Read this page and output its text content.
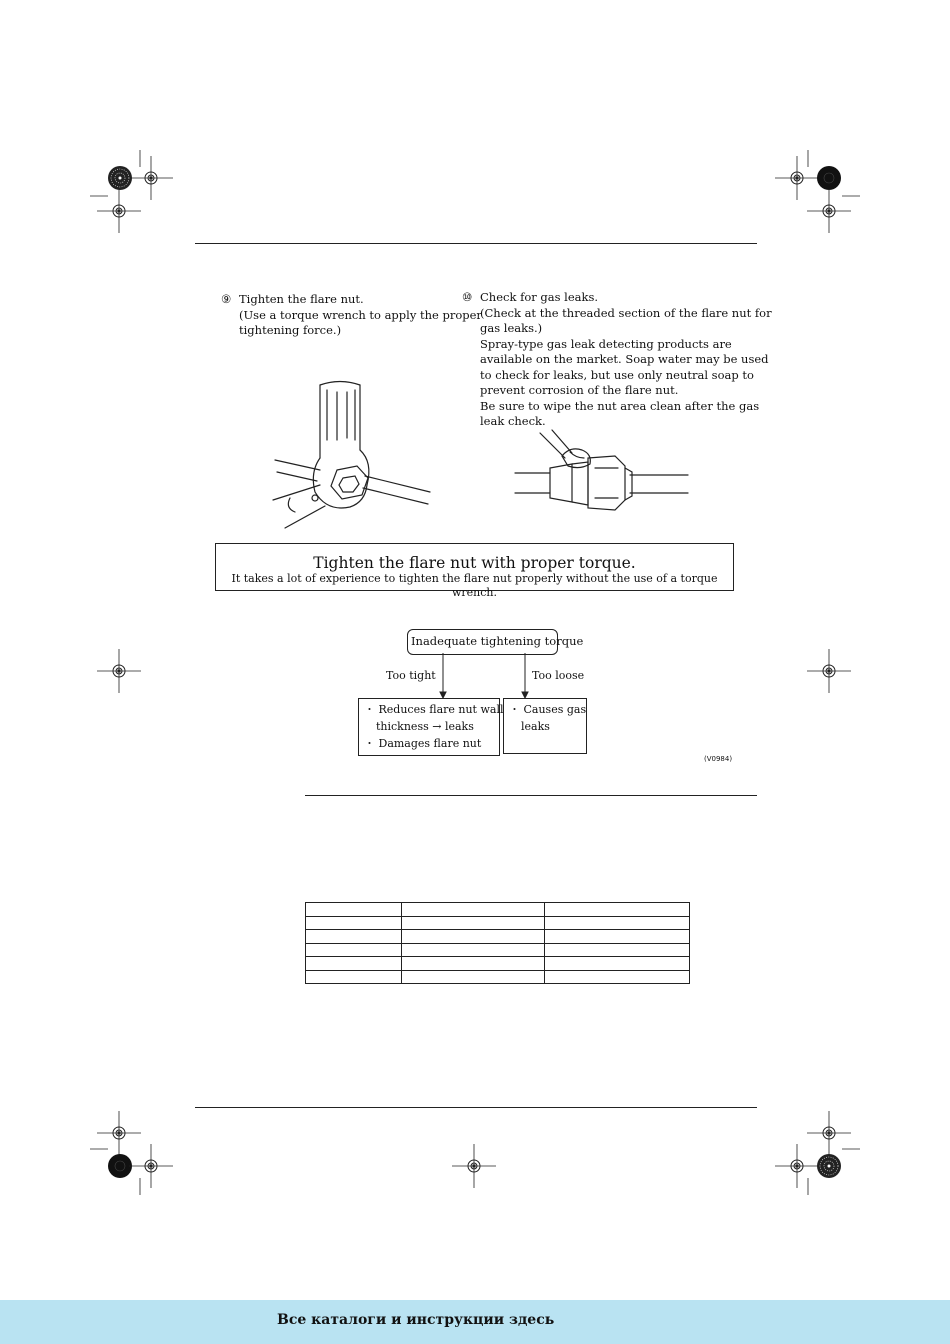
⑨ Tighten the flare nut.
(Use a torque wrench to apply the proper
tightening force.)
⑩ Check for gas leaks.
(Check at the threaded section of the flare nut for
gas leaks.)
Spray-type gas leak detecting products are
available on the market. Soap water may be used
to check for leaks, but use only neutral soap to
prevent corrosion of the flare nut.
Be sure to wipe the nut area clean after the gas
leak check.
Tighten the flare nut with proper torque.
It takes a lot of experience to tighten the flare nut properly without the use of a torque wrench.
Inadequate tightening torque
Too tight	Too loose
・ Reduces flare nut wall
thickness → leaks
・ Damages flare nut
・ Causes gas
leaks
(V0984)

Все каталоги и инструкции здесь
